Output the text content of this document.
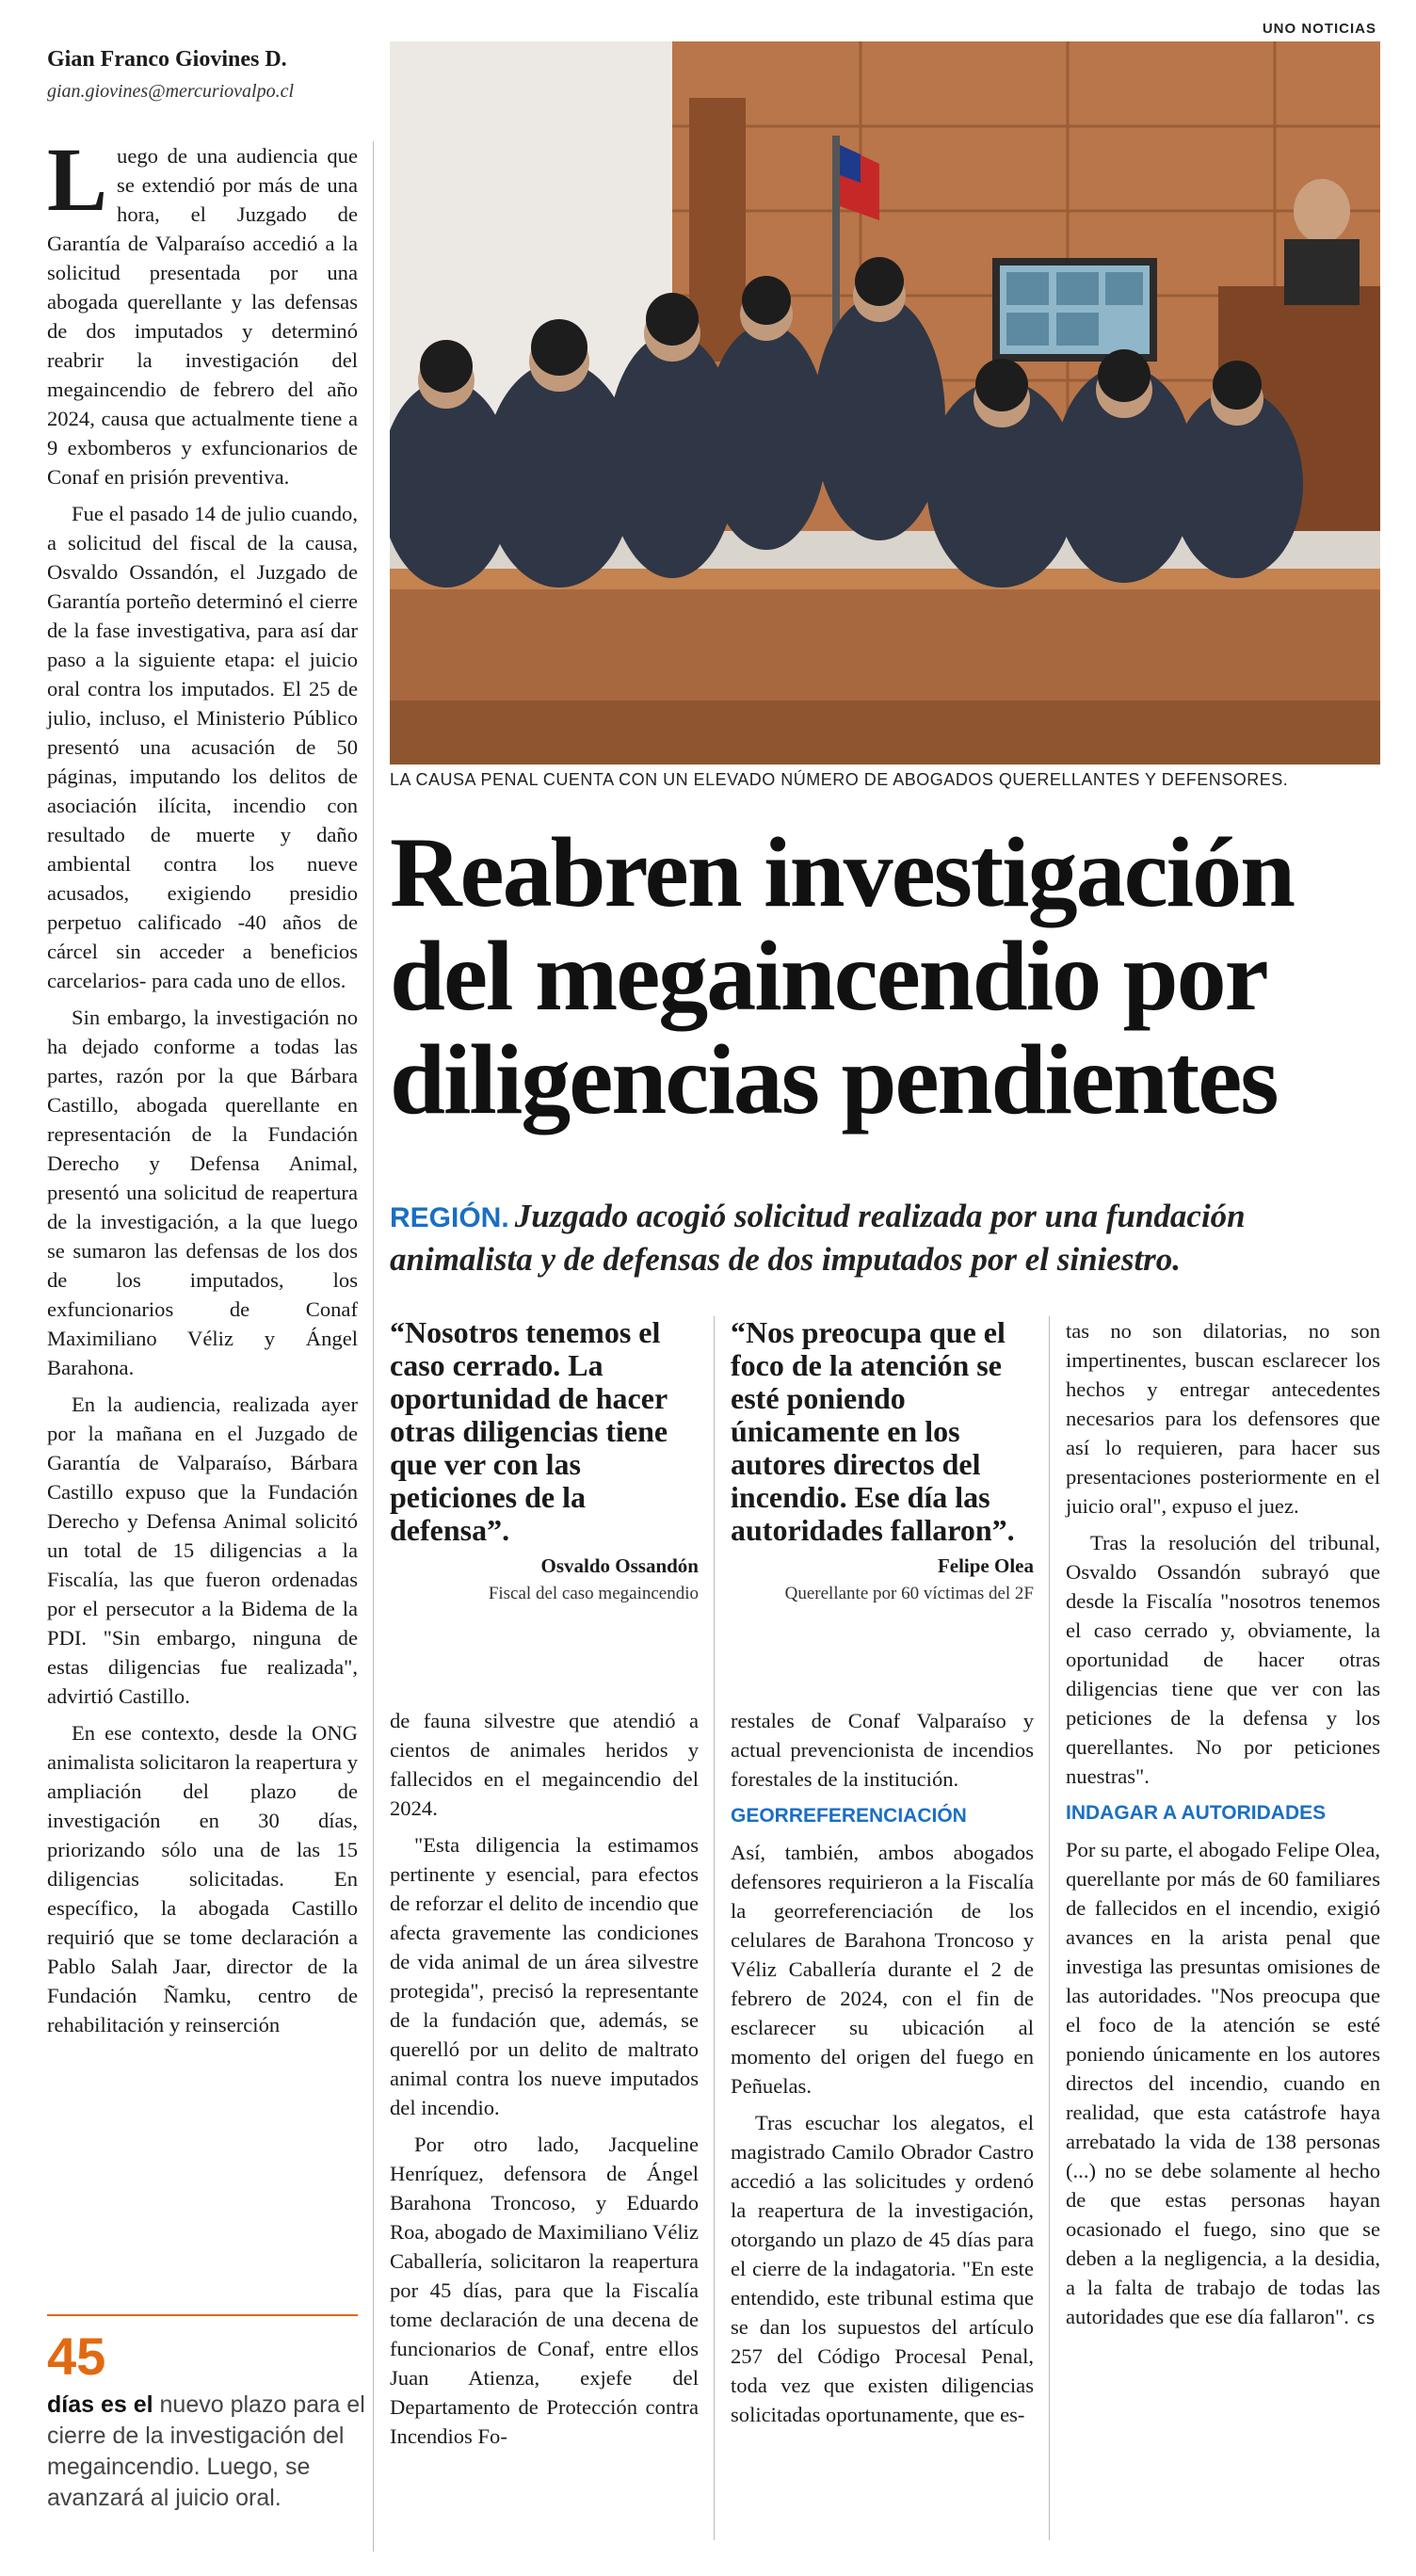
UNO NOTICIAS
Gian Franco Giovines D.
gian.giovines@mercuriovalpo.cl

Luego de una audiencia que se extendió por más de una hora, el Juzgado de Garantía de Valparaíso accedió a la solicitud presentada por una abogada querellante y las defensas de dos imputados y determinó reabrir la investigación del megaincendio de febrero del año 2024, causa que actualmente tiene a 9 exbomberos y exfuncionarios de Conaf en prisión preventiva.

Fue el pasado 14 de julio cuando, a solicitud del fiscal de la causa, Osvaldo Ossandón, el Juzgado de Garantía porteño determinó el cierre de la fase investigativa, para así dar paso a la siguiente etapa: el juicio oral contra los imputados. El 25 de julio, incluso, el Ministerio Público presentó una acusación de 50 páginas, imputando los delitos de asociación ilícita, incendio con resultado de muerte y daño ambiental contra los nueve acusados, exigiendo presidio perpetuo calificado -40 años de cárcel sin acceder a beneficios carcelarios- para cada uno de ellos.

Sin embargo, la investigación no ha dejado conforme a todas las partes, razón por la que Bárbara Castillo, abogada querellante en representación de la Fundación Derecho y Defensa Animal, presentó una solicitud de reapertura de la investigación, a la que luego se sumaron las defensas de los dos de los imputados, los exfuncionarios de Conaf Maximiliano Véliz y Ángel Barahona.

En la audiencia, realizada ayer por la mañana en el Juzgado de Garantía de Valparaíso, Bárbara Castillo expuso que la Fundación Derecho y Defensa Animal solicitó un total de 15 diligencias a la Fiscalía, las que fueron ordenadas por el persecutor a la Bidema de la PDI. "Sin embargo, ninguna de estas diligencias fue realizada", advirtió Castillo.

En ese contexto, desde la ONG animalista solicitaron la reapertura y ampliación del plazo de investigación en 30 días, priorizando sólo una de las 15 diligencias solicitadas. En específico, la abogada Castillo requirió que se tome declaración a Pablo Salah Jaar, director de la Fundación Ñamku, centro de rehabilitación y reinserción

LA CAUSA PENAL CUENTA CON UN ELEVADO NÚMERO DE ABOGADOS QUERELLANTES Y DEFENSORES.
Reabren investigación del megaincendio por diligencias pendientes
REGIÓN. Juzgado acogió solicitud realizada por una fundación animalista y de defensas de dos imputados por el siniestro.
“Nosotros tenemos el caso cerrado. La oportunidad de hacer otras diligencias tiene que ver con las peticiones de la defensa”.
Osvaldo Ossandón
Fiscal del caso megaincendio
“Nos preocupa que el foco de la atención se esté poniendo únicamente en los autores directos del incendio. Ese día las autoridades fallaron”.
Felipe Olea
Querellante por 60 víctimas del 2F

de fauna silvestre que atendió a cientos de animales heridos y fallecidos en el megaincendio del 2024.

"Esta diligencia la estimamos pertinente y esencial, para efectos de reforzar el delito de incendio que afecta gravemente las condiciones de vida animal de un área silvestre protegida", precisó la representante de la fundación que, además, se querelló por un delito de maltrato animal contra los nueve imputados del incendio.

Por otro lado, Jacqueline Henríquez, defensora de Ángel Barahona Troncoso, y Eduardo Roa, abogado de Maximiliano Véliz Caballería, solicitaron la reapertura por 45 días, para que la Fiscalía tome declaración de una decena de funcionarios de Conaf, entre ellos Juan Atienza, exjefe del Departamento de Protección contra Incendios Fo-

restales de Conaf Valparaíso y actual prevencionista de incendios forestales de la institución.

GEORREFERENCIACIÓN

Así, también, ambos abogados defensores requirieron a la Fiscalía la georreferenciación de los celulares de Barahona Troncoso y Véliz Caballería durante el 2 de febrero de 2024, con el fin de esclarecer su ubicación al momento del origen del fuego en Peñuelas.

Tras escuchar los alegatos, el magistrado Camilo Obrador Castro accedió a las solicitudes y ordenó la reapertura de la investigación, otorgando un plazo de 45 días para el cierre de la indagatoria. "En este entendido, este tribunal estima que se dan los supuestos del artículo 257 del Código Procesal Penal, toda vez que existen diligencias solicitadas oportunamente, que es-

tas no son dilatorias, no son impertinentes, buscan esclarecer los hechos y entregar antecedentes necesarios para los defensores que así lo requieren, para hacer sus presentaciones posteriormente en el juicio oral", expuso el juez.

Tras la resolución del tribunal, Osvaldo Ossandón subrayó que desde la Fiscalía "nosotros tenemos el caso cerrado y, obviamente, la oportunidad de hacer otras diligencias tiene que ver con las peticiones de la defensa y los querellantes. No por peticiones nuestras".

INDAGAR A AUTORIDADES

Por su parte, el abogado Felipe Olea, querellante por más de 60 familiares de fallecidos en el incendio, exigió avances en la arista penal que investiga las presuntas omisiones de las autoridades. "Nos preocupa que el foco de la atención se esté poniendo únicamente en los autores directos del incendio, cuando en realidad, que esta catástrofe haya arrebatado la vida de 138 personas (...) no se debe solamente al hecho de que estas personas hayan ocasionado el fuego, sino que se deben a la negligencia, a la desidia, a la falta de trabajo de todas las autoridades que ese día fallaron". cs

45
días es el nuevo plazo para el cierre de la investigación del megaincendio. Luego, se avanzará al juicio oral.
